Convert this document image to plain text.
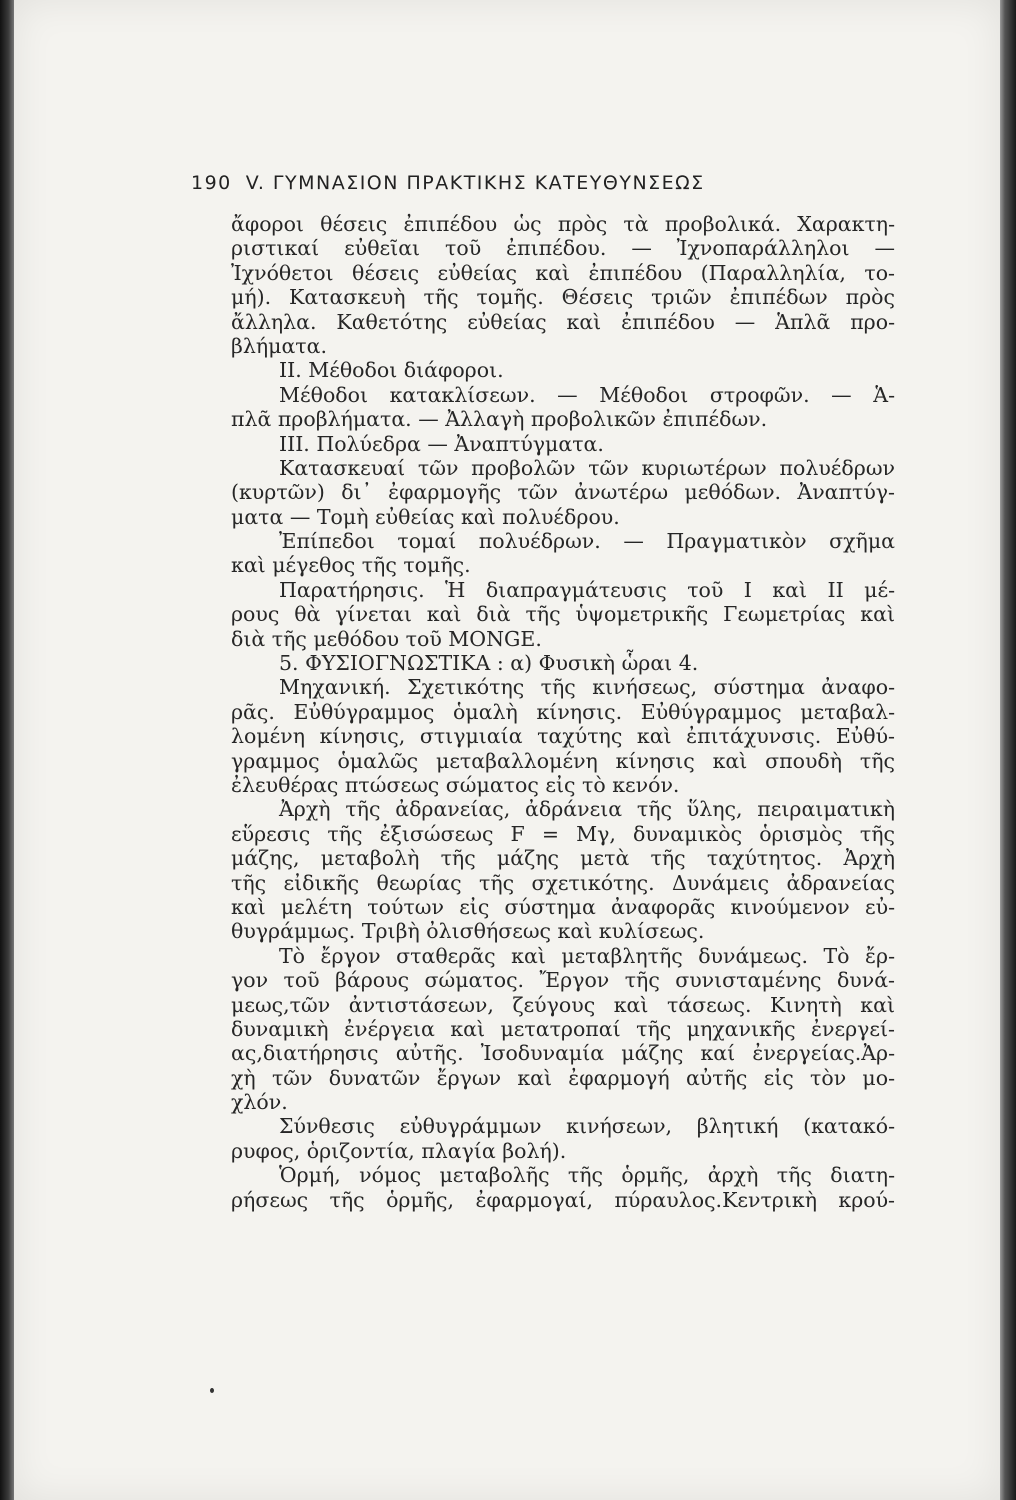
190 V. ΓΥΜΝΑΣΙΟΝ ΠΡΑΚΤΙΚΗΣ ΚΑΤΕΥΘΥΝΣΕΩΣ
ἄφοροι θέσεις ἐπιπέδου ὡς πρὸς τὰ προβολικά. Χαρακτη-
ριστικαί εὐθεῖαι τοῦ ἐπιπέδου. — Ἰχνοπαράλληλοι —
Ἰχνόθετοι θέσεις εὐθείας καὶ ἐπιπέδου (Παραλληλία, το-
μή). Κατασκευὴ τῆς τομῆς. Θέσεις τριῶν ἐπιπέδων πρὸς
ἄλληλα. Καθετότης εὐθείας καὶ ἐπιπέδου — Ἁπλᾶ προ-
βλήματα.
ΙΙ. Μέθοδοι διάφοροι.
Μέθοδοι κατακλίσεων. — Μέθοδοι στροφῶν. — Ἁ-
πλᾶ προβλήματα. — Ἀλλαγὴ προβολικῶν ἐπιπέδων.
ΙΙΙ. Πολύεδρα — Ἀναπτύγματα.
Κατασκευαί τῶν προβολῶν τῶν κυριωτέρων πολυέδρων
(κυρτῶν) δι᾿ ἐφαρμογῆς τῶν ἀνωτέρω μεθόδων. Ἀναπτύγ-
ματα — Τομὴ εὐθείας καὶ πολυέδρου.
Ἐπίπεδοι τομαί πολυέδρων. — Πραγματικὸν σχῆμα
καὶ μέγεθος τῆς τομῆς.
Παρατήρησις. Ἡ διαπραγμάτευσις τοῦ Ι καὶ ΙΙ μέ-
ρους θὰ γίνεται καὶ διὰ τῆς ὑψομετρικῆς Γεωμετρίας καὶ
διὰ τῆς μεθόδου τοῦ MONGE.
5. ΦΥΣΙΟΓΝΩΣΤΙΚΑ : α) Φυσικὴ ὧραι 4.
Μηχανική. Σχετικότης τῆς κινήσεως, σύστημα ἀναφο-
ρᾶς. Εὐθύγραμμος ὁμαλὴ κίνησις. Εὐθύγραμμος μεταβαλ-
λομένη κίνησις, στιγμιαία ταχύτης καὶ ἐπιτάχυνσις. Εὐθύ-
γραμμος ὁμαλῶς μεταβαλλομένη κίνησις καὶ σπουδὴ τῆς
ἐλευθέρας πτώσεως σώματος εἰς τὸ κενόν.
Ἀρχὴ τῆς ἀδρανείας, ἀδράνεια τῆς ὕλης, πειραιματικὴ
εὕρεσις τῆς ἐξισώσεως F = Mγ, δυναμικὸς ὁρισμὸς τῆς
μάζης, μεταβολὴ τῆς μάζης μετὰ τῆς ταχύτητος. Ἀρχὴ
τῆς εἰδικῆς θεωρίας τῆς σχετικότης. Δυνάμεις ἀδρανείας
καὶ μελέτη τούτων εἰς σύστημα ἀναφορᾶς κινούμενον εὐ-
θυγράμμως. Τριβὴ ὀλισθήσεως καὶ κυλίσεως.
Τὸ ἔργον σταθερᾶς καὶ μεταβλητῆς δυνάμεως. Τὸ ἔρ-
γον τοῦ βάρους σώματος. Ἔργον τῆς συνισταμένης δυνά-
μεως,τῶν ἀντιστάσεων, ζεύγους καὶ τάσεως. Κινητὴ καὶ
δυναμικὴ ἐνέργεια καὶ μετατροπαί τῆς μηχανικῆς ἐνεργεί-
ας,διατήρησις αὐτῆς. Ἰσοδυναμία μάζης καί ἐνεργείας.Ἀρ-
χὴ τῶν δυνατῶν ἔργων καὶ ἐφαρμογή αὐτῆς εἰς τὸν μο-
χλόν.
Σύνθεσις εὐθυγράμμων κινήσεων, βλητική (κατακό-
ρυφος, ὁριζοντία, πλαγία βολή).
Ὁρμή, νόμος μεταβολῆς τῆς ὁρμῆς, ἀρχὴ τῆς διατη-
ρήσεως τῆς ὁρμῆς, ἐφαρμογαί, πύραυλος.Κεντρικὴ κρού-
